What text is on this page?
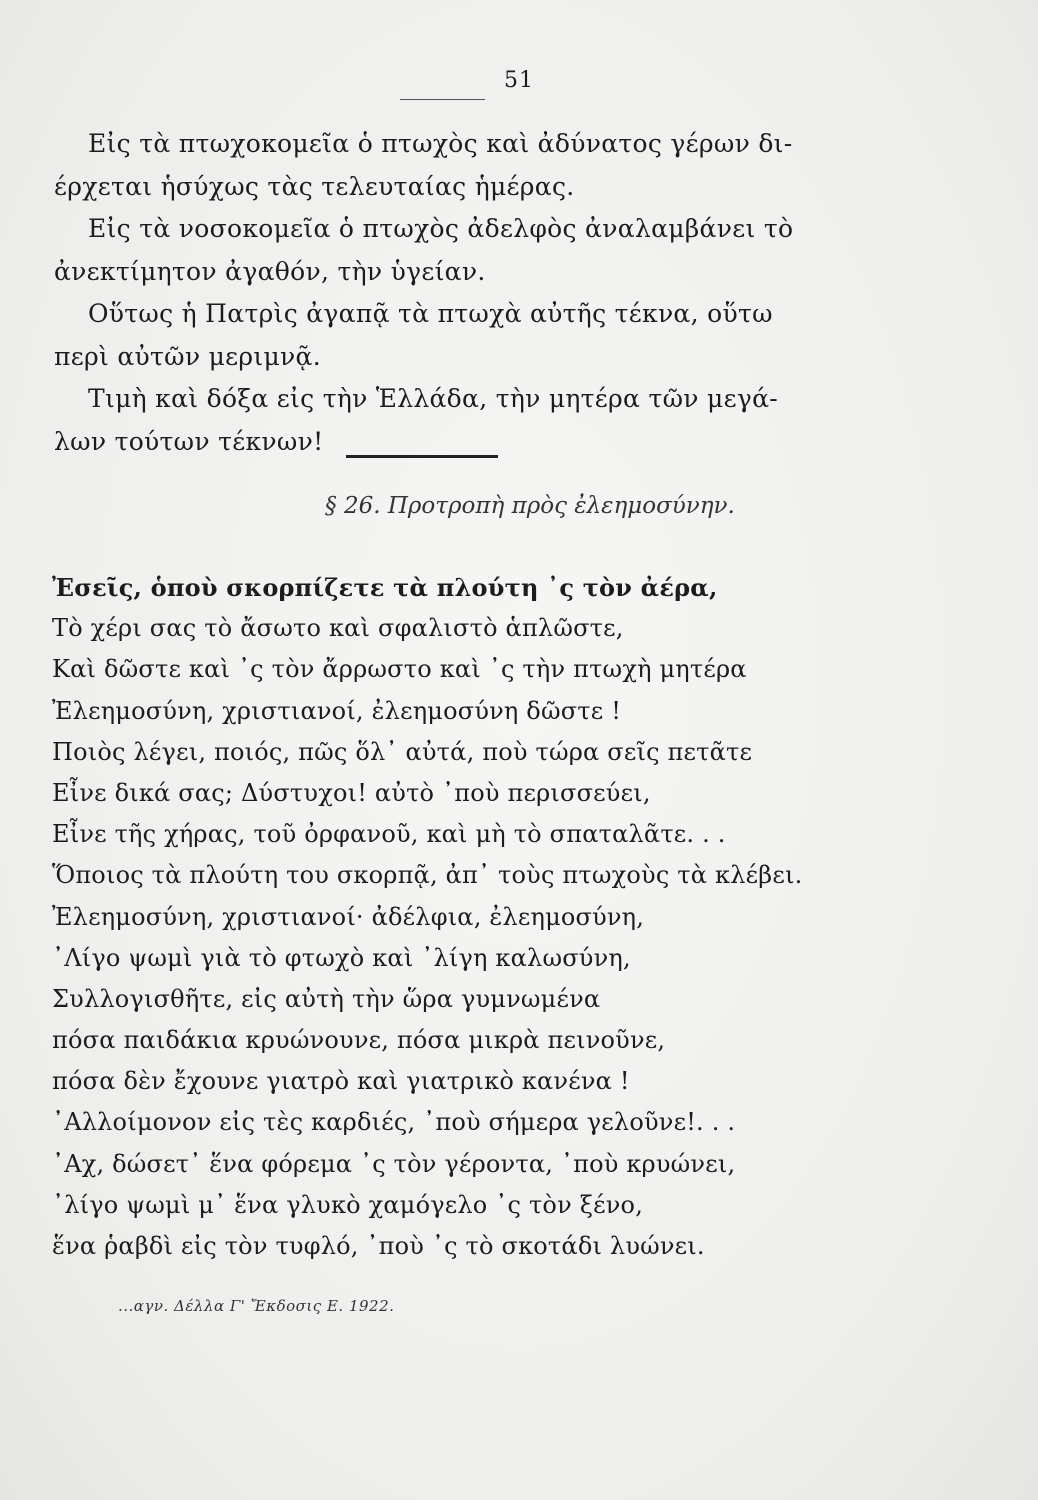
51
Εἰς τὰ πτωχοκομεῖα ὁ πτωχὸς καὶ ἀδύνατος γέρων δι-
έρχεται ἡσύχως τὰς τελευταίας ἡμέρας.
Εἰς τὰ νοσοκομεῖα ὁ πτωχὸς ἀδελφὸς ἀναλαμβάνει τὸ
ἀνεκτίμητον ἀγαθόν, τὴν ὑγείαν.
Οὕτως ἡ Πατρὶς ἀγαπᾷ τὰ πτωχὰ αὐτῆς τέκνα, οὕτω
περὶ αὐτῶν μεριμνᾷ.
Τιμὴ καὶ δόξα εἰς τὴν Ἑλλάδα, τὴν μητέρα τῶν μεγά-
λων τούτων τέκνων!
§ 26. Προτροπὴ πρὸς ἐλεημοσύνην.
Ἐσεῖς, ὁποὺ σκορπίζετε τὰ πλούτη ᾿ς τὸν ἀέρα,
Τὸ χέρι σας τὸ ἄσωτο καὶ σφαλιστὸ ἁπλῶστε,
Καὶ δῶστε καὶ ᾿ς τὸν ἄρρωστο καὶ ᾿ς τὴν πτωχὴ μητέρα
Ἐλεημοσύνη, χριστιανοί, ἐλεημοσύνη δῶστε !
Ποιὸς λέγει, ποιός, πῶς ὅλ᾿ αὐτά, ποὺ τώρα σεῖς πετᾶτε
Εἶνε δικά σας; Δύστυχοι! αὐτὸ ᾿ποὺ περισσεύει,
Εἶνε τῆς χήρας, τοῦ ὀρφανοῦ, καὶ μὴ τὸ σπαταλᾶτε. . .
Ὅποιος τὰ πλούτη του σκορπᾷ, ἀπ᾿ τοὺς πτωχοὺς τὰ κλέβει.
Ἐλεημοσύνη, χριστιανοί· ἀδέλφια, ἐλεημοσύνη,
᾿Λίγο ψωμὶ γιὰ τὸ φτωχὸ καὶ ᾿λίγη καλωσύνη,
Συλλογισθῆτε, εἰς αὐτὴ τὴν ὥρα γυμνωμένα
πόσα παιδάκια κρυώνουνε, πόσα μικρὰ πεινοῦνε,
πόσα δὲν ἔχουνε γιατρὸ καὶ γιατρικὸ κανένα !
᾿Αλλοίμονον εἰς τὲς καρδιές, ᾿ποὺ σήμερα γελοῦνε!. . .
᾿Αχ, δώσετ᾿ ἕνα φόρεμα ᾿ς τὸν γέροντα, ᾿ποὺ κρυώνει,
᾿λίγο ψωμὶ μ᾿ ἕνα γλυκὸ χαμόγελο ᾿ς τὸν ξένο,
ἕνα ῥαβδὶ εἰς τὸν τυφλό, ᾿ποὺ ᾿ς τὸ σκοτάδι λυώνει.
...αγν. Δέλλα Γ' Ἔκδοσις Ε. 1922.
